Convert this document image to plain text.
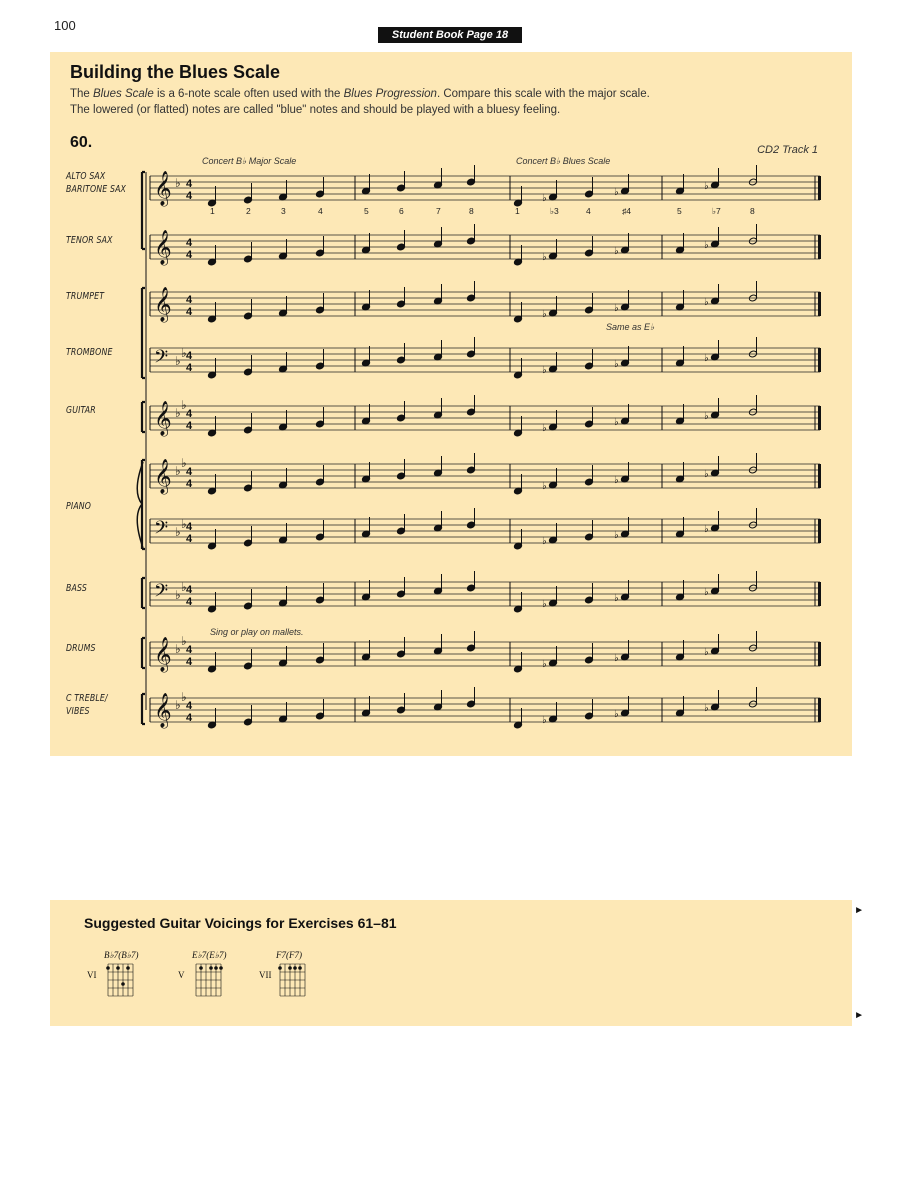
100
Student Book Page 18
Building the Blues Scale
The Blues Scale is a 6-note scale often used with the Blues Progression. Compare this scale with the major scale.
The lowered (or flatted) notes are called "blue" notes and should be played with a bluesy feeling.
60.	CD2 Track 1
ALTO SAX
BARITONE SAX
TENOR SAX
TRUMPET
TROMBONE
GUITAR
PIANO
BASS
DRUMS
C TREBLE/
VIBES
𝄞 ♭ 4
4	♭
♭
♭
𝄞 4
4	♭
♭
♭
𝄞 4
4	♭
♭
♭
𝄢 ♭
♭ 4
4	♭
♭
♭
𝄞 ♭
♭
4
4	♭
♭
♭
𝄞 ♭
♭
4
4	♭
♭
♭
𝄢 ♭
♭ 4
4	♭
♭
♭
𝄢 ♭
♭ 4
4	♭
♭
♭
𝄞 ♭
♭
4
4	♭
♭
♭
𝄞 ♭
♭
4
4	♭
♭
♭
Concert B♭ Major Scale	Concert B♭ Blues Scale
Same as E♭
Sing or play on mallets.
1	2	3	4	5	6	7	8	1	♭3	4	♯4	5	♭7	8
Suggested Guitar Voicings for Exercises 61–81
B♭7(B♭7)
VI
E♭7(E♭7)
V
F7(F7)
VII
►
►
